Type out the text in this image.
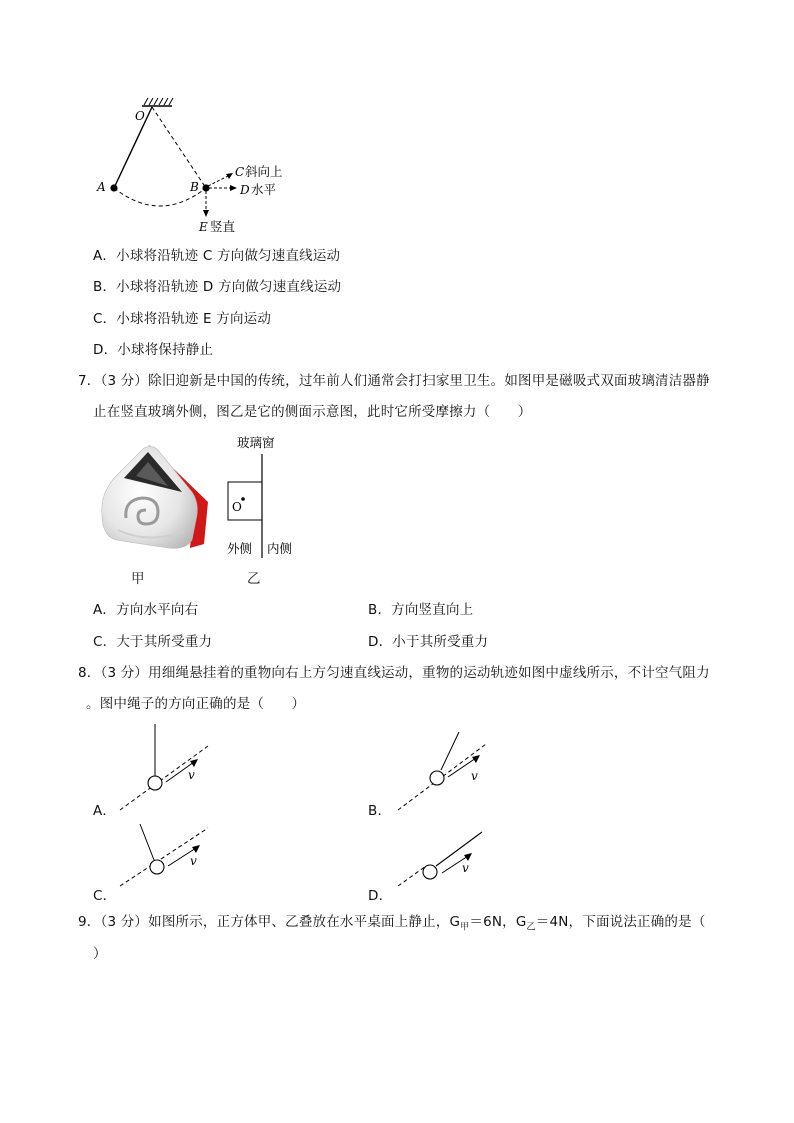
O
A	B
C 斜向上
D 水平
E 竖直
A．小球将沿轨迹 C 方向做匀速直线运动
B．小球将沿轨迹 D 方向做匀速直线运动
C．小球将沿轨迹 E 方向运动
D．小球将保持静止
7．（3 分）除旧迎新是中国的传统，过年前人们通常会打扫家里卫生。如图甲是磁吸式双面玻璃清洁器静
止在竖直玻璃外侧，图乙是它的侧面示意图，此时它所受摩擦力（　　）
玻璃窗
O
外侧 内侧
甲	乙
A．方向水平向右	B．方向竖直向上
C．大于其所受重力	D．小于其所受重力
8．（3 分）用细绳悬挂着的重物向右上方匀速直线运动，重物的运动轨迹如图中虚线所示，不计空气阻力
。图中绳子的方向正确的是（　　）
v
A．
v
B．
v
C．
v
D．
9．（3 分）如图所示，正方体甲、乙叠放在水平桌面上静止，$G_甲=6N$，$G_乙=4N$，下面说法正确的是（
）
